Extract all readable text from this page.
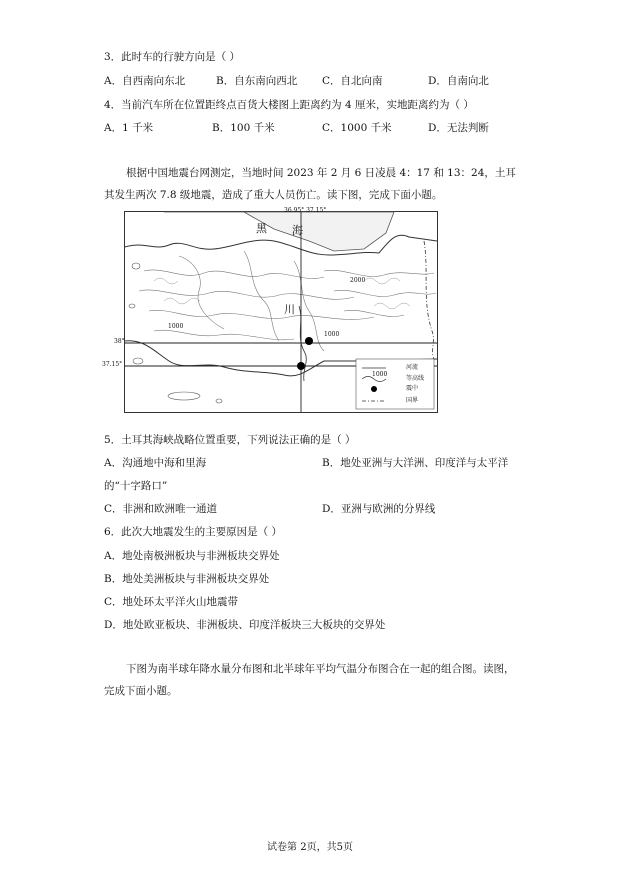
3．此时车的行驶方向是（ ）
A．自西南向东北	B．自东南向西北 C．自北向南	D．自南向北
4．当前汽车所在位置距终点百货大楼图上距离约为 4 厘米，实地距离约为（ ）
A．1 千米	B．100 千米	C．1000 千米	D．无法判断
根据中国地震台网测定，当地时间 2023 年 2 月 6 日凌晨 4：17 和 13：24，土耳其发生两次 7.8 级地震，造成了重大人员伤亡。读下图，完成下面小题。
36.95° 37.15°
38°
37.15°
黑 海
1000
2000
1000
川
河流
1000
等高线
震中
国界
5．土耳其海峡战略位置重要，下列说法正确的是（ ）
A．沟通地中海和里海	B．地处亚洲与大洋洲、印度洋与太平洋
的“十字路口”
C．非洲和欧洲唯一通道	D．亚洲与欧洲的分界线
6．此次大地震发生的主要原因是（ ）
A．地处南极洲板块与非洲板块交界处
B．地处美洲板块与非洲板块交界处
C．地处环太平洋火山地震带
D．地处欧亚板块、非洲板块、印度洋板块三大板块的交界处
下图为南半球年降水量分布图和北半球年平均气温分布图合在一起的组合图。读图，完成下面小题。
试卷第 2页，共5页
